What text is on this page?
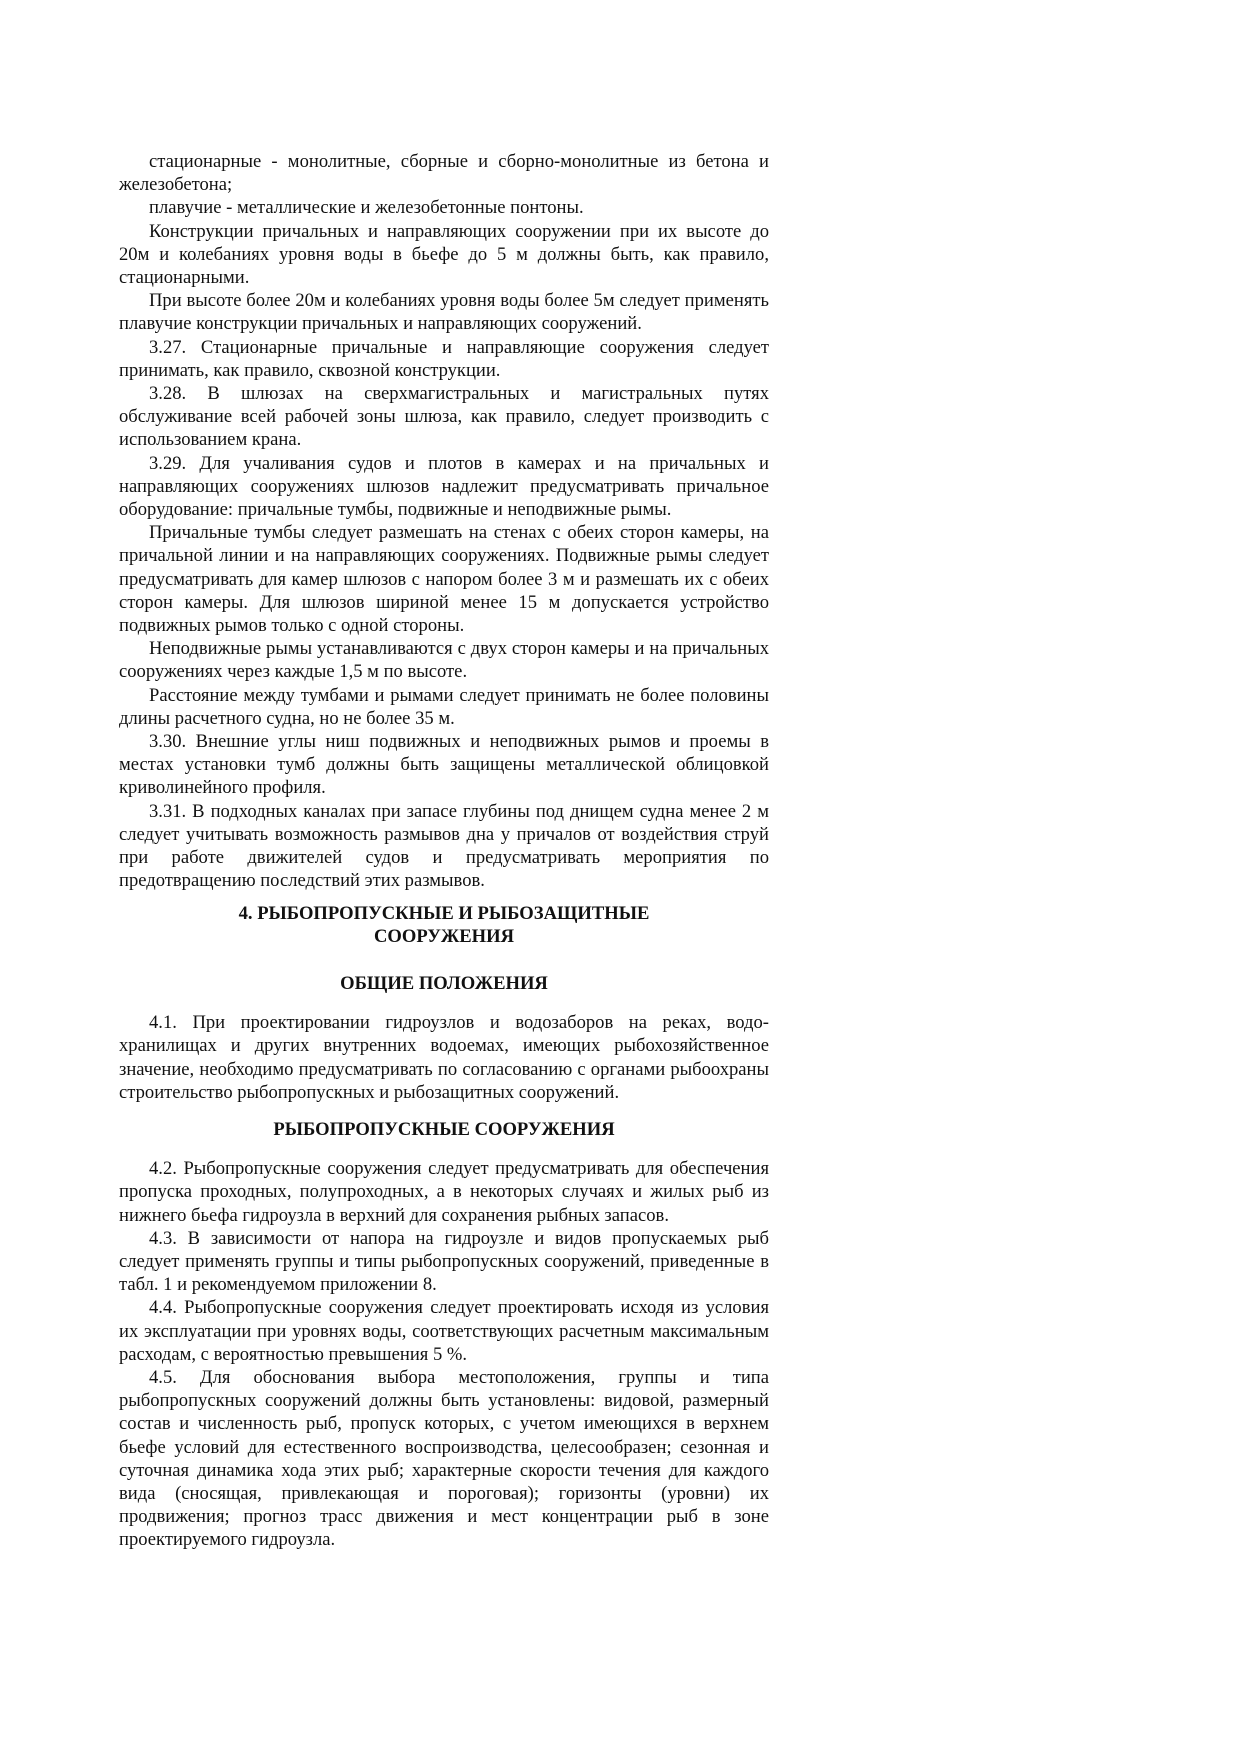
стационарные - монолитные, сборные и сборно-монолитные из бетона и железобетона;

плавучие - металлические и железобетонные понтоны.

Конструкции причальных и направляющих сооружении при их высоте до 20м и колебаниях уровня воды в бьефе до 5 м должны быть, как правило, стационарными.

При высоте более 20м и колебаниях уровня воды более 5м следует применять плавучие конструкции причальных и направляющих сооружений.

3.27. Стационарные причальные и направляющие сооружения следует принимать, как правило, сквозной конструкции.

3.28. В шлюзах на сверхмагистральных и магистральных путях обслуживание всей рабочей зоны шлюза, как правило, следует производить с использованием крана.

3.29. Для учаливания судов и плотов в камерах и на причальных и направляющих сооружениях шлюзов надлежит предусматривать причальное оборудование: причальные тумбы, подвижные и неподвижные рымы.

Причальные тумбы следует размешать на стенах с обеих сторон камеры, на причальной линии и на направляющих сооружениях. Подвижные рымы следует предусматривать для камер шлюзов с напором более 3 м и размешать их с обеих сторон камеры. Для шлюзов шириной менее 15 м допускается устройство подвижных рымов только с одной стороны.

Неподвижные рымы устанавливаются с двух сторон камеры и на причальных сооружениях через каждые 1,5 м по высоте.

Расстояние между тумбами и рымами следует принимать не более половины длины расчетного судна, но не более 35 м.

3.30. Внешние углы ниш подвижных и неподвижных рымов и проемы в местах установки тумб должны быть защищены металлической облицовкой криволинейного профиля.

3.31. В подходных каналах при запасе глубины под днищем судна менее 2 м следует учитывать возможность размывов дна у причалов от воздействия струй при работе движителей судов и предусматривать мероприятия по предотвращению последствий этих размывов.

4. РЫБОПРОПУСКНЫЕ И РЫБОЗАЩИТНЫЕ
СООРУЖЕНИЯ
ОБЩИЕ ПОЛОЖЕНИЯ

4.1. При проектировании гидроузлов и водозаборов на реках, водохранилищах и других внутренних водоемах, имеющих рыбохозяйственное значение, необходимо предусматривать по согласованию с органами рыбоохраны строительство рыбопропускных и рыбозащитных сооружений.

РЫБОПРОПУСКНЫЕ СООРУЖЕНИЯ

4.2. Рыбопропускные сооружения следует предусматривать для обеспечения пропуска проходных, полупроходных, а в некоторых случаях и жилых рыб из нижнего бьефа гидроузла в верхний для сохранения рыбных запасов.

4.3. В зависимости от напора на гидроузле и видов пропускаемых рыб следует применять группы и типы рыбопропускных сооружений, приведенные в табл. 1 и рекомендуемом приложении 8.

4.4. Рыбопропускные сооружения следует проектировать исходя из условия их эксплуатации при уровнях воды, соответствующих расчетным максимальным расходам, с вероятностью превышения 5 %.

4.5. Для обоснования выбора местоположения, группы и типа рыбопропускных сооружений должны быть установлены: видовой, размерный состав и численность рыб, пропуск которых, с учетом имеющихся в верхнем бьефе условий для естественного воспроизводства, целесообразен; сезонная и суточная динамика хода этих рыб; характерные скорости течения для каждого вида (сносящая, привлекающая и пороговая); горизонты (уровни) их продвижения; прогноз трасс движения и мест концентрации рыб в зоне проектируемого гидроузла.
